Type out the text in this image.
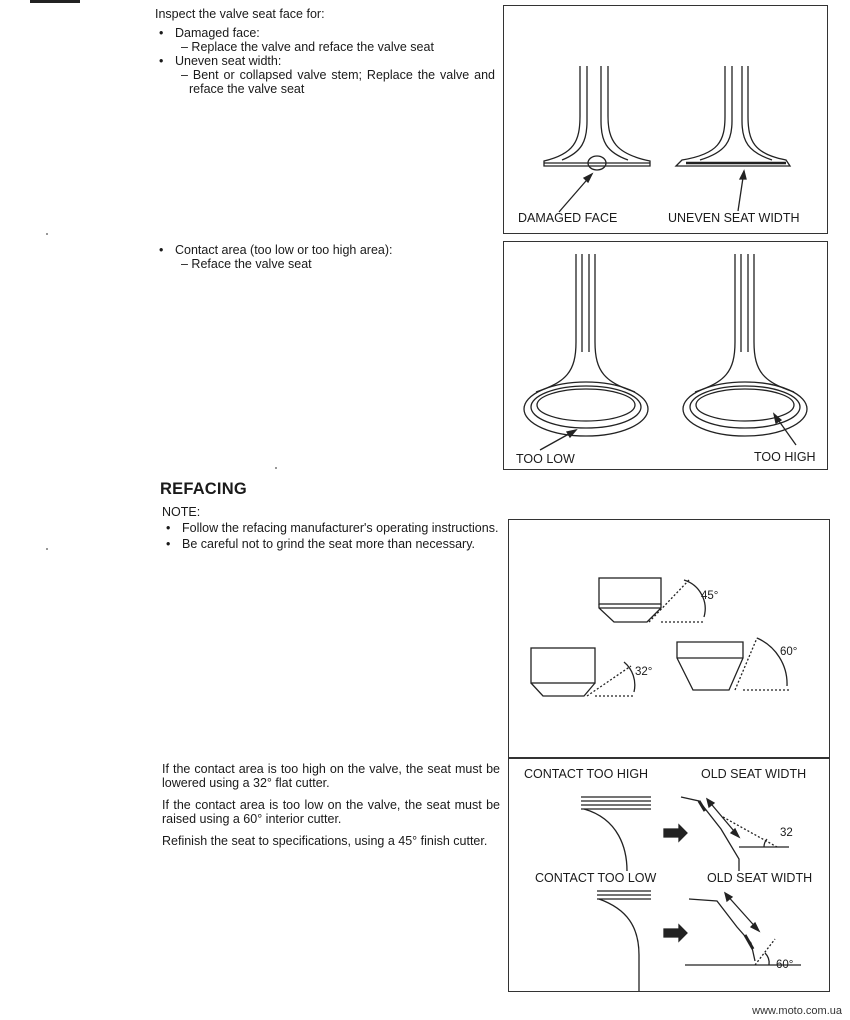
Inspect the valve seat face for:
• Damaged face:
– Replace the valve and reface the valve seat
• Uneven seat width:
– Bent or collapsed valve stem; Replace the valve and reface the valve seat
• Contact area (too low or too high area):
– Reface the valve seat
DAMAGED FACE	UNEVEN SEAT WIDTH
TOO LOW	TOO HIGH
REFACING
NOTE:
• Follow the refacing manufacturer's operating instructions.
• Be careful not to grind the seat more than necessary.
45°
32°
60°

If the contact area is too high on the valve, the seat must be lowered using a 32° flat cutter.

If the contact area is too low on the valve, the seat must be raised using a 60° interior cutter.

Refinish the seat to specifications, using a 45° finish cutter.

CONTACT TOO HIGH	OLD SEAT WIDTH
32
CONTACT TOO LOW	OLD SEAT WIDTH
60°
www.moto.com.ua
